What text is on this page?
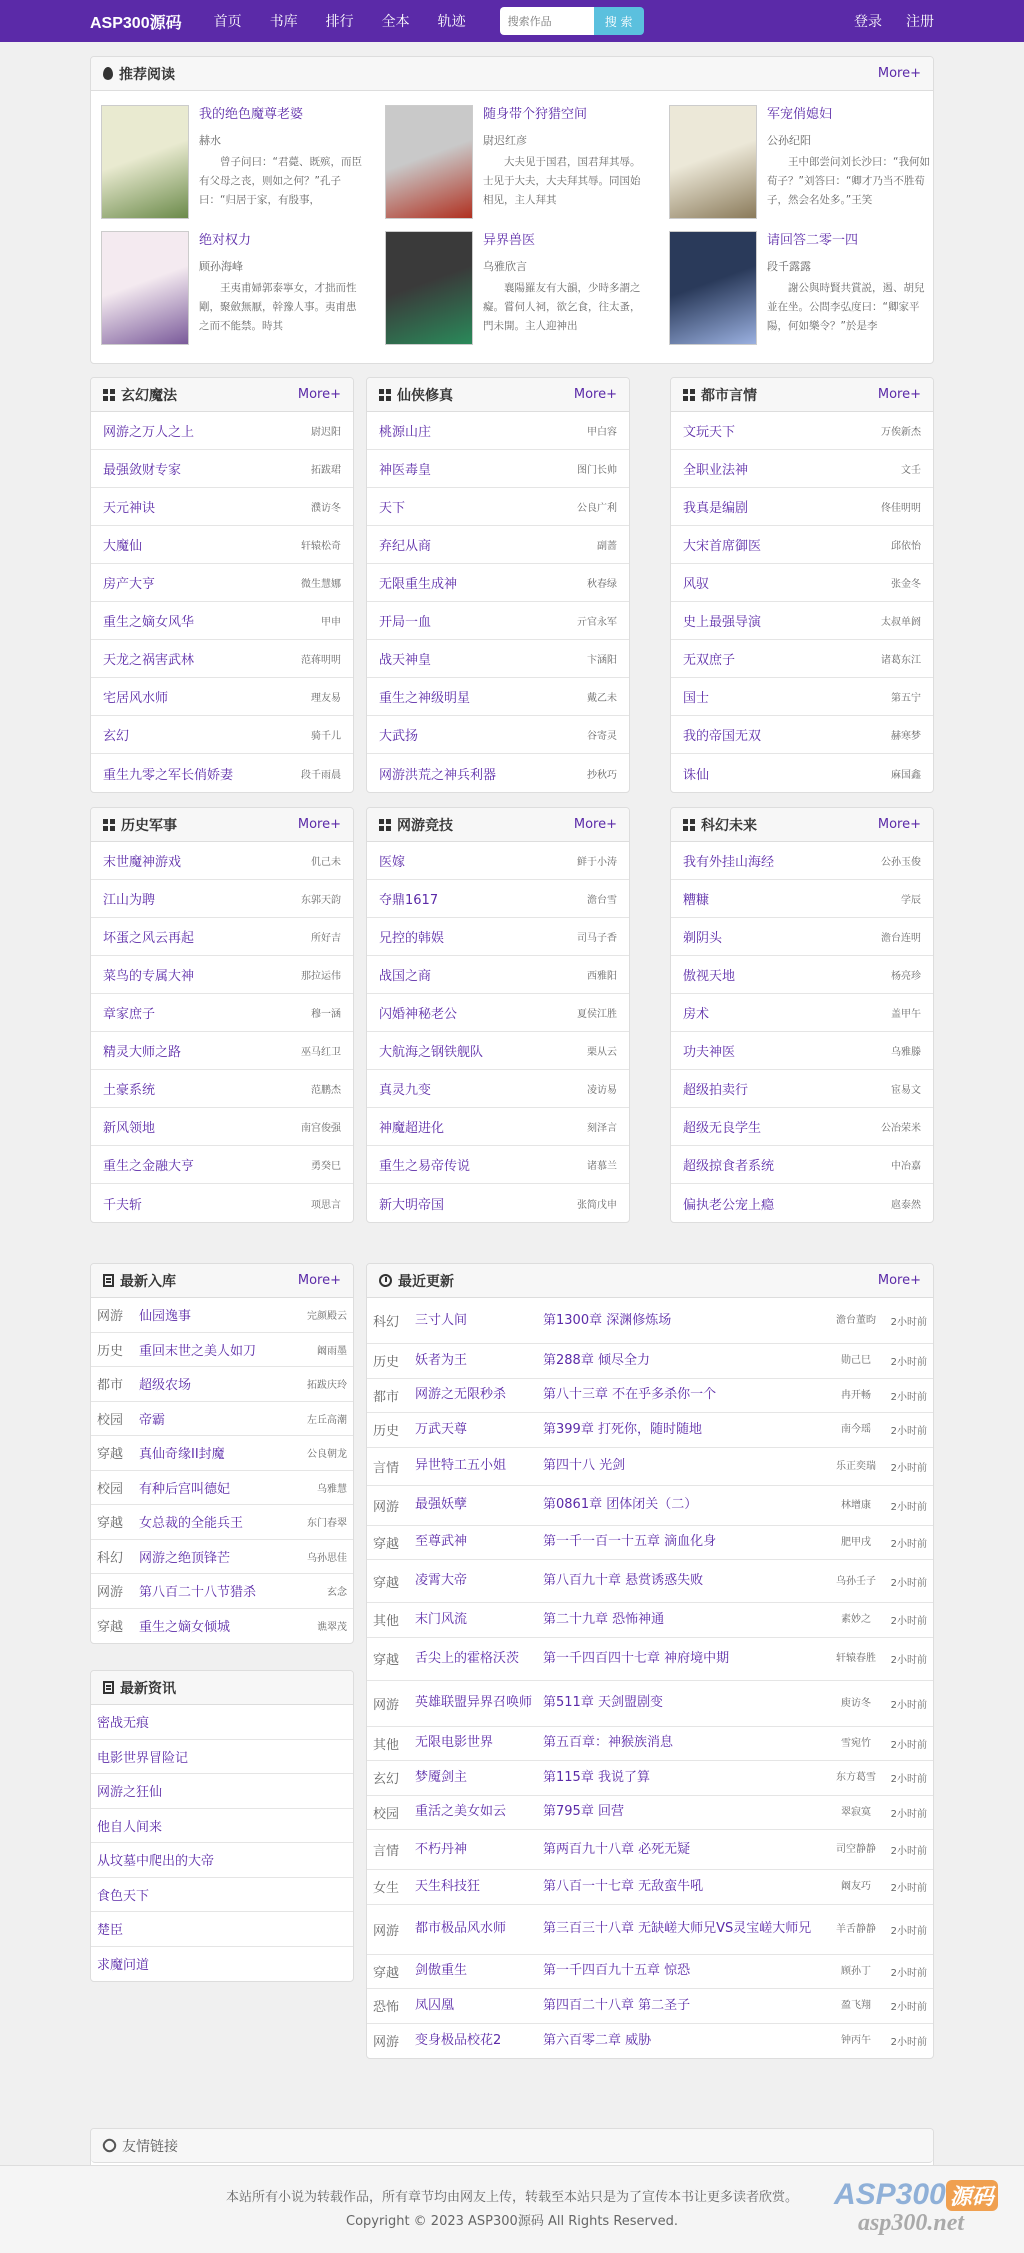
ASP300源码 首页 书库 排行 全本 轨迹
搜索作品	搜 索	登录 注册
推荐阅读	More+
我的绝色魔尊老婆
赫水
曾子问曰：“君薨、既殡，而臣有父母之丧，则如之何？”孔子曰：“归居于家，有殷事，
随身带个狩猎空间
尉迟红彦
大夫见于国君，国君拜其辱。士见于大夫，大夫拜其辱。同国始相见，主人拜其
军宠俏媳妇
公孙纪阳
王中郎尝问刘长沙曰：“我何如荀子？”刘答曰：“卿才乃当不胜荀子，然会名处多。”王笑
绝对权力
顾孙海峰
王夷甫婦郭泰寧女，才拙而性剛，聚斂無厭，幹豫人事。夷甫患之而不能禁。時其
异界兽医
乌雅欣言
襄陽羅友有大韻，少時多謂之癡。嘗伺人祠，欲乞食，往太蚤，門未開。主人迎神出
请回答二零一四
段千露露
謝公與時賢共賞説，遏、胡兒並在坐。公問李弘度曰：“卿家平陽，何如樂令？”於是李
玄幻魔法	More+
网游之万人之上	尉迟阳
最强敛财专家	拓跋珺
天元神诀	濮访冬
大魔仙	轩辕松奇
房产大亨	微生慧娜
重生之嫡女风华	甲申
天龙之祸害武林	范蒋明明
宅居风水师	理友易
玄幻	骑千儿
重生九零之军长俏娇妻	段千雨晨
仙侠修真	More+
桃源山庄	甲白容
神医毒皇	图门长帅
天下	公良广利
弃纪从商	副蔷
无限重生成神	秋春绿
开局一血	亓官永军
战天神皇	卞涵阳
重生之神级明星	戴乙未
大武扬	谷寄灵
网游洪荒之神兵利器	抄秋巧
都市言情	More+
文玩天下	万俟新杰
全职业法神	文壬
我真是编剧	佟佳明明
大宋首席御医	邱依怡
风驭	张金冬
史上最强导演	太叔单阏
无双庶子	诸葛东江
国士	第五宁
我的帝国无双	赫寒梦
诛仙	麻国鑫
历史军事	More+
末世魔神游戏	仉己未
江山为聘	东郭天韵
坏蛋之风云再起	所好吉
菜鸟的专属大神	那拉运伟
章家庶子	穆一涵
精灵大师之路	巫马红卫
土豪系统	范鹏杰
新风领地	南宫俊强
重生之金融大亨	勇癸巳
千夫斩	项思言
网游竞技	More+
医嫁	鲜于小涛
夺鼎1617	澹台雪
兄控的韩娱	司马子香
战国之商	西雅阳
闪婚神秘老公	夏侯江胜
大航海之钢铁舰队	栗从云
真灵九变	凌访易
神魔超进化	刻泽言
重生之易帝传说	诸慕兰
新大明帝国	张简戊申
科幻未来	More+
我有外挂山海经	公孙玉俊
糟糠	学辰
剃阴头	澹台连明
傲视天地	杨亮珍
房术	盖甲午
功夫神医	乌雅滕
超级拍卖行	宦易文
超级无良学生	公冶荣米
超级掠食者系统	中冶嘉
偏执老公宠上瘾	扈泰然
最新入库	More+
网游	仙园逸事	完颜殿云
历史	重回末世之美人如刀	阚雨墨
都市	超级农场	拓跋庆玲
校园	帝霸	左丘高潮
穿越	真仙奇缘II封魔	公良朝龙
校园	有种后宫叫德妃	乌雅慧
穿越	女总裁的全能兵王	东门春翠
科幻	网游之绝顶锋芒	乌孙思佳
网游	第八百二十八节猎杀	玄念
穿越	重生之嫡女倾城	谯翠茂
最新资讯
密战无痕
电影世界冒险记
网游之狂仙
他自人间来
从坟墓中爬出的大帝
食色天下
楚臣
求魔问道
最近更新	More+
科幻	三寸人间	第1300章 深渊修炼场	澹台董昀	2小时前
历史	妖者为王	第288章 倾尽全力	勋己巳	2小时前
都市	网游之无限秒杀	第八十三章 不在乎多杀你一个	冉开畅	2小时前
历史	万武天尊	第399章 打死你，随时随地	南今瑶	2小时前
言情	异世特工五小姐	第四十八 光剑	乐正奕瑞	2小时前
网游	最强妖孽	第0861章 团体闭关（二）	林增康	2小时前
穿越	至尊武神	第一千一百一十五章 滴血化身	肥甲戌	2小时前
穿越	凌霄大帝	第八百九十章 悬赏诱惑失败	乌孙壬子	2小时前
其他	末门风流	第二十九章 恐怖神通	素妙之	2小时前
穿越	舌尖上的霍格沃茨	第一千四百四十七章 神府境中期	轩辕春胜	2小时前
网游	英雄联盟异界召唤师 第511章 天剑盟剧变	庾访冬	2小时前
其他	无限电影世界	第五百章：神猴族消息	雪宛竹	2小时前
玄幻	梦魇剑主	第115章 我说了算	东方葛雪	2小时前
校园	重活之美女如云	第795章 回营	翠寂寞	2小时前
言情	不朽丹神	第两百九十八章 必死无疑	司空静静	2小时前
女生	天生科技狂	第八百一十七章 无敌蛮牛吼	阚友巧	2小时前
网游	都市极品风水师	第三百三十八章 无缺嵯大师兄VS灵宝嵯大师兄	羊舌静静	2小时前
穿越	剑傲重生	第一千四百九十五章 惊恐	顾孙丁	2小时前
恐怖	凤囚凰	第四百二十八章 第二圣子	盈飞翔	2小时前
网游	变身极品校花2	第六百零二章 威胁	钟丙午	2小时前
友情链接
本站所有小说为转载作品，所有章节均由网友上传，转载至本站只是为了宣传本书让更多读者欣赏。
Copyright © 2023 ASP300源码 All Rights Reserved.
ASP300 源码
asp300.net
